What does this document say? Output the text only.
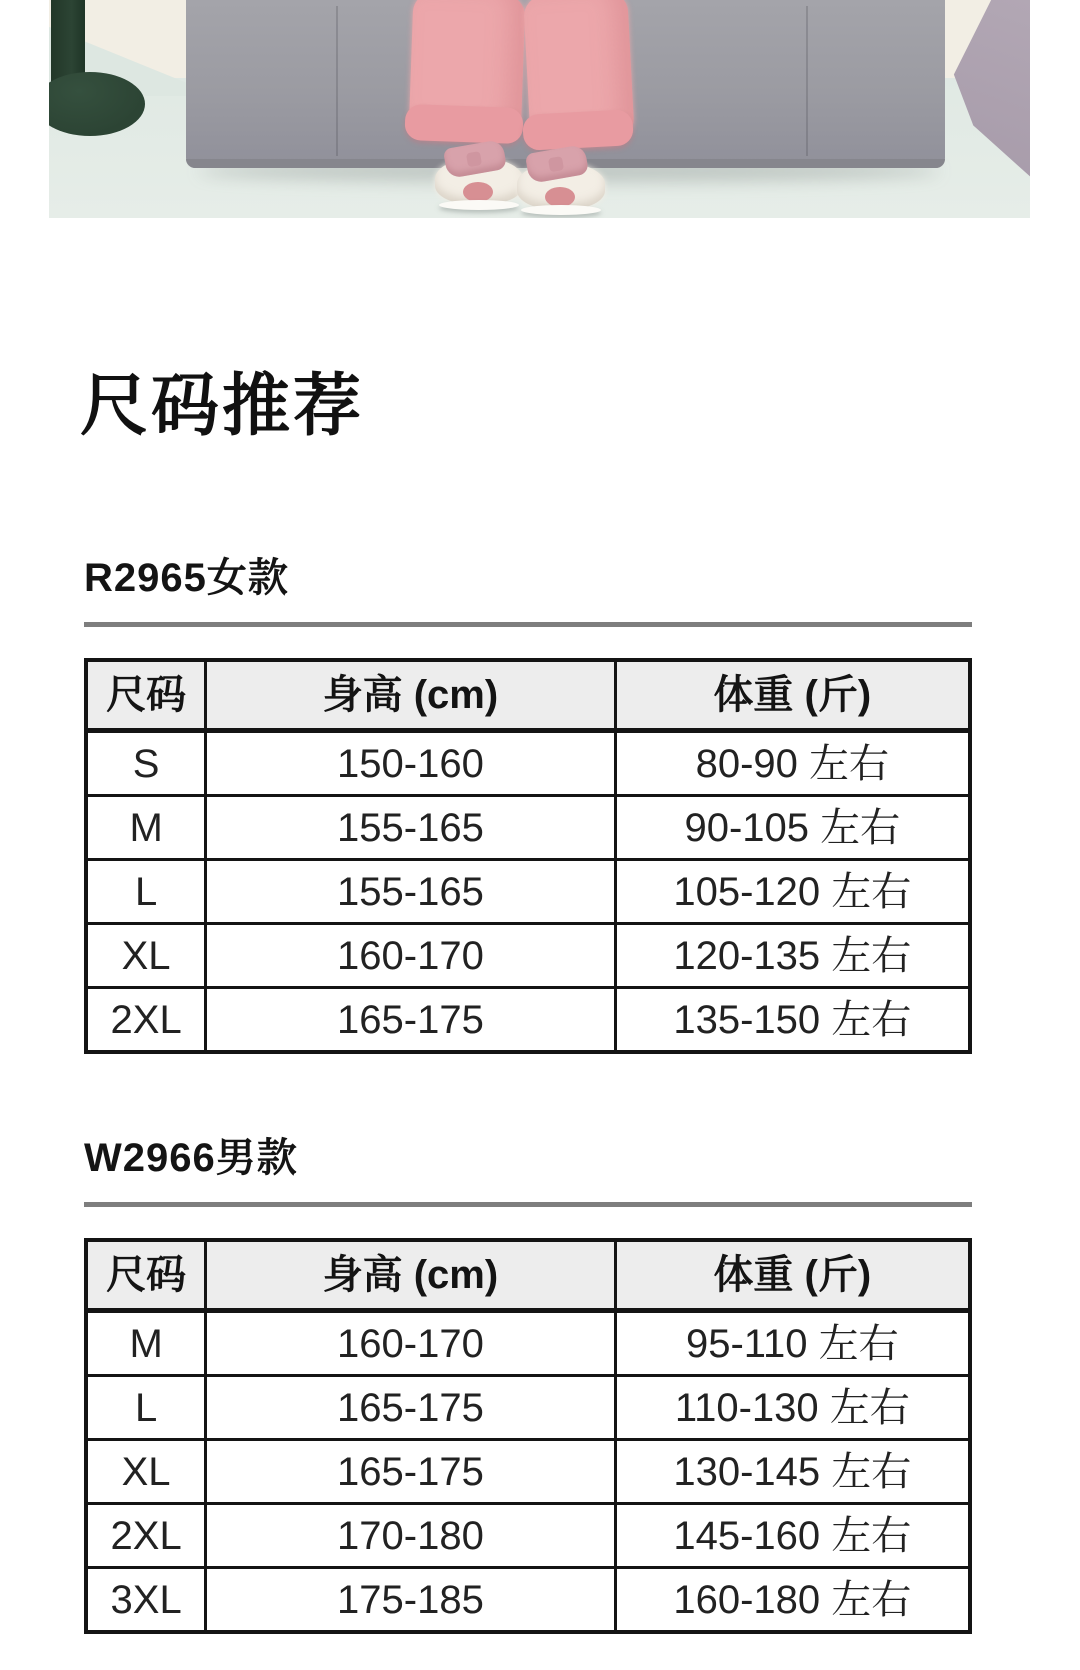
尺码推荐
R2965女款
尺码	身高 (cm)	体重 (斤)
S	150-160	80-90 左右
M	155-165	90-105 左右
L	155-165	105-120 左右
XL	160-170	120-135 左右
2XL	165-175	135-150 左右
W2966男款
尺码	身高 (cm)	体重 (斤)
M	160-170	95-110 左右
L	165-175	110-130 左右
XL	165-175	130-145 左右
2XL	170-180	145-160 左右
3XL	175-185	160-180 左右
